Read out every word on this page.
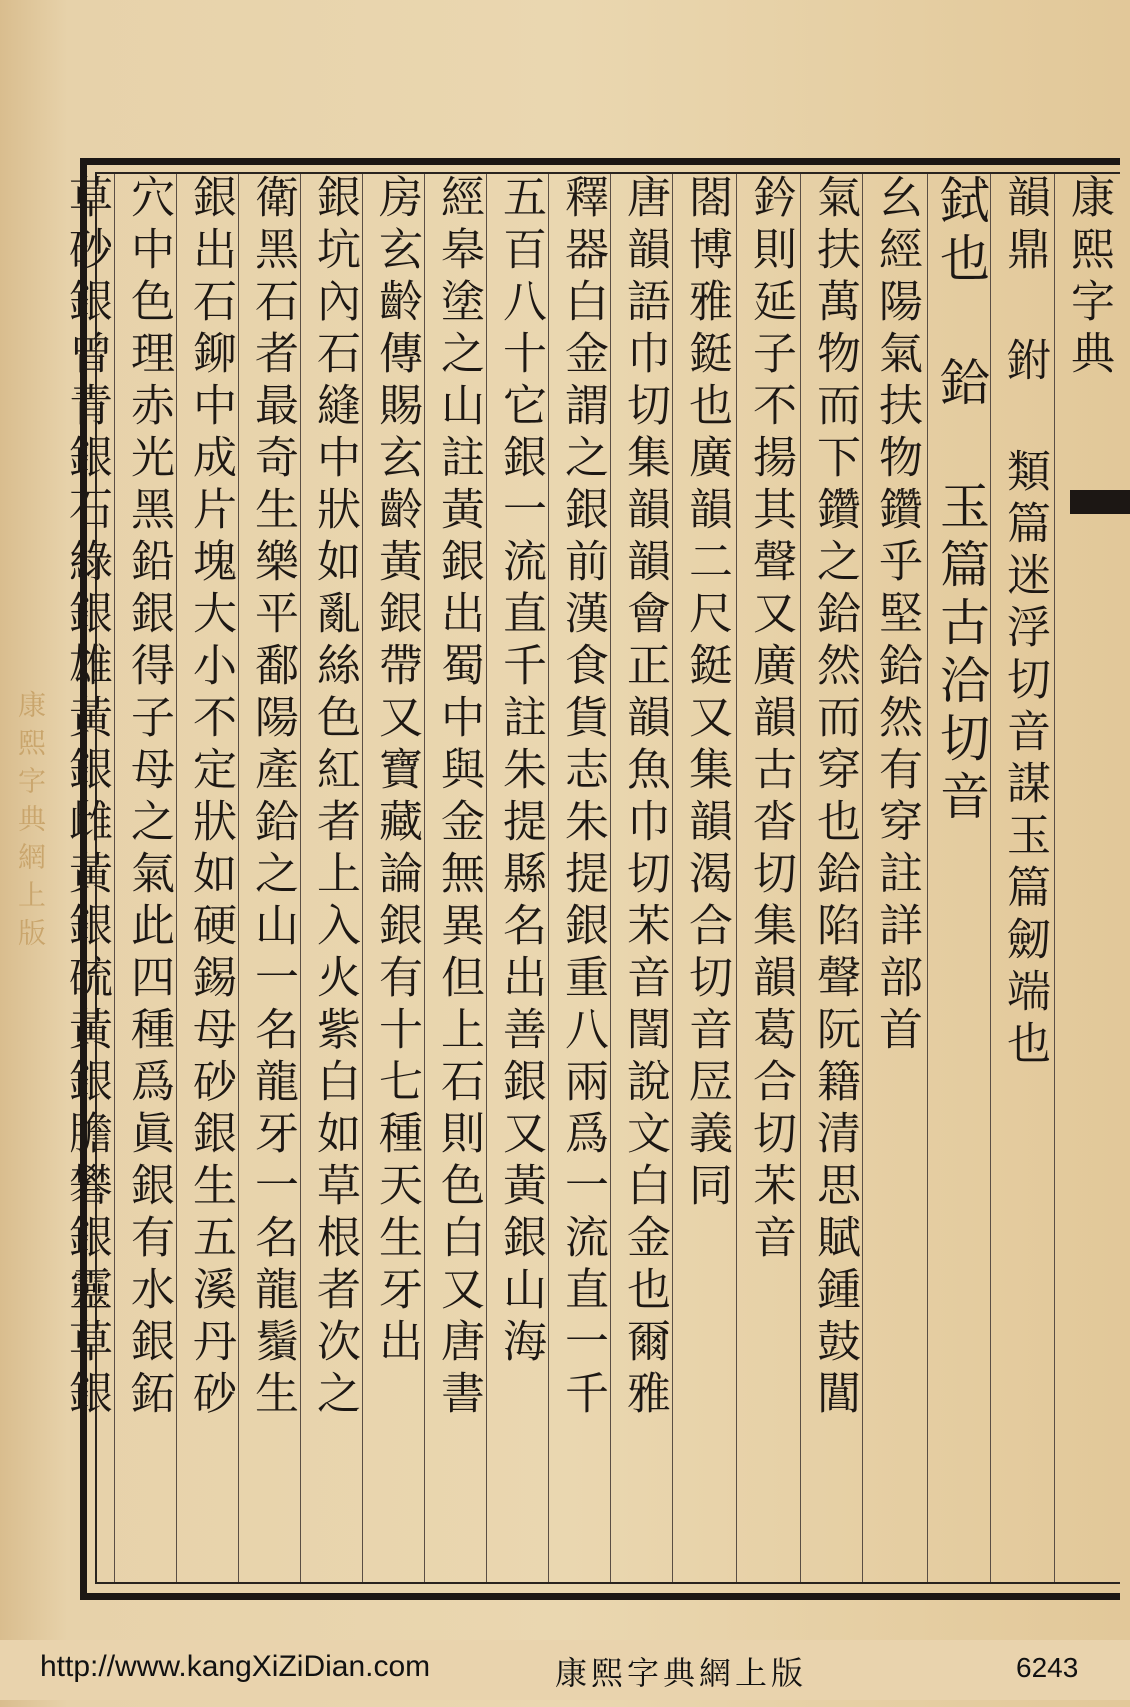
康熙字典網上版
康熙字典
韻鼎 鉜 類篇迷浮切音謀玉篇劒端也
鉽也 鉿 玉篇古洽切音
幺經陽氣扶物鑽乎堅鉿然有穿註詳部首
氣扶萬物而下鑽之鉿然而穿也鉿陷聲阮籍清思賦鍾鼓閶
鈐則延子不揚其聲又廣韻古沓切集韻葛合切㭉音
閤博雅鋌也廣韻二尺鋌又集韻渴合切音㞐義同
唐韻語巾切集韻韻會正韻魚巾切㭉音誾說文白金也爾雅
釋器白金謂之銀前漢食貨志朱提銀重八兩爲一流直一千
五百八十它銀一流直千註朱提縣名出善銀又黃銀山海
經皋塗之山註黃銀出蜀中與金無異但上石則色白又唐書
房玄齡傳賜玄齡黃銀帶又寶藏論銀有十七種天生牙出
銀坑內石縫中狀如亂絲色紅者上入火紫白如草根者次之
衛黑石者最奇生樂平鄱陽產鉿之山一名龍牙一名龍鬚生
銀出石鉚中成片塊大小不定狀如硬錫母砂銀生五溪丹砂
穴中色理赤光黑鉛銀得子母之氣此四種爲眞銀有水銀鉐
http://www.kangXiZiDian.com	康熙字典網上版	6243
草砂銀曾青銀石綠銀雄黃銀雌黃銀硫黃銀膽礬銀靈草銀
